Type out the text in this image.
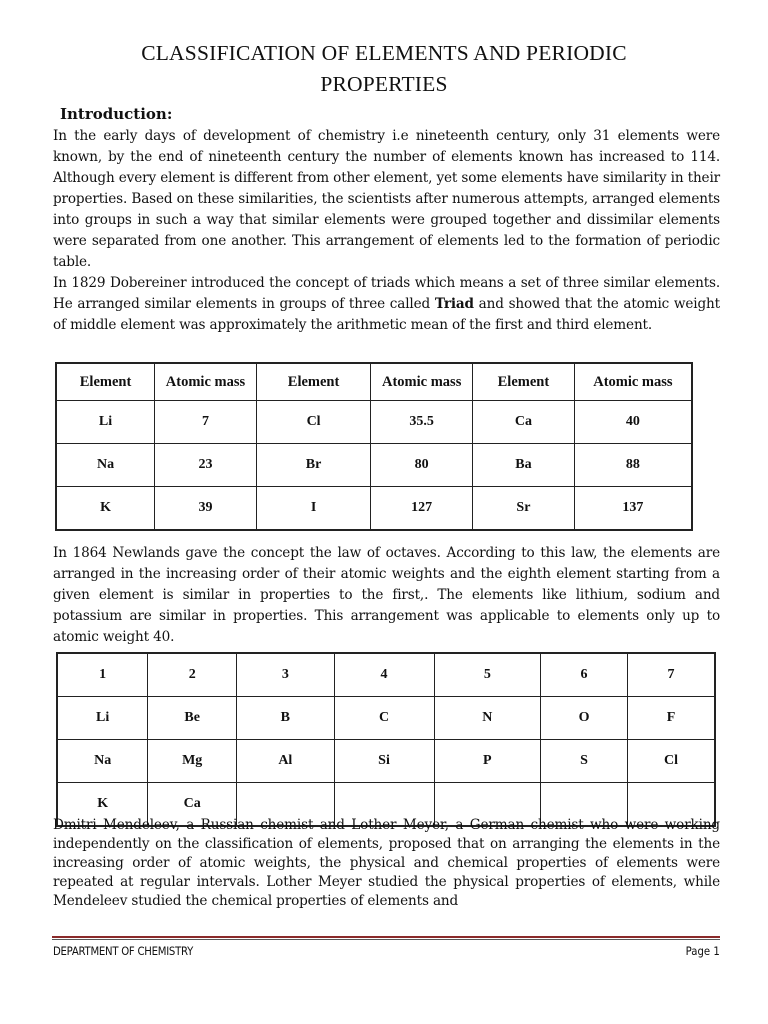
CLASSIFICATION OF ELEMENTS AND PERIODIC
PROPERTIES
Introduction:

In the early days of development of chemistry i.e nineteenth century, only 31 elements were known, by the end of nineteenth century the number of elements known has increased to 114. Although every element is different from other element, yet some elements have similarity in their properties. Based on these similarities, the scientists after numerous attempts, arranged elements into groups in such a way that similar elements were grouped together and dissimilar elements were separated from one another. This arrangement of elements led to the formation of periodic table.

In 1829 Dobereiner introduced the concept of triads which means a set of three similar elements. He arranged similar elements in groups of three called Triad and showed that the atomic weight of middle element was approximately the arithmetic mean of the first and third element.

Element	Atomic mass	Element	Atomic mass	Element	Atomic mass
Li	7	Cl	35.5	Ca	40
Na	23	Br	80	Ba	88
K	39	I	127	Sr	137

In 1864 Newlands gave the concept the law of octaves. According to this law, the elements are arranged in the increasing order of their atomic weights and the eighth element starting from a given element is similar in properties to the first,. The elements like lithium, sodium and potassium are similar in properties. This arrangement was applicable to elements only up to atomic weight 40.

1	2	3	4	5	6	7
Li	Be	B	C	N	O	F
Na	Mg	Al	Si	P	S	Cl
K	Ca					

Dmitri Mendeleev, a Russian chemist and Lother Meyer, a German chemist who were working independently on the classification of elements, proposed that on arranging the elements in the increasing order of atomic weights, the physical and chemical properties of elements were repeated at regular intervals. Lother Meyer studied the physical properties of elements, while Mendeleev studied the chemical properties of elements and

DEPARTMENT OF CHEMISTRY	Page 1
